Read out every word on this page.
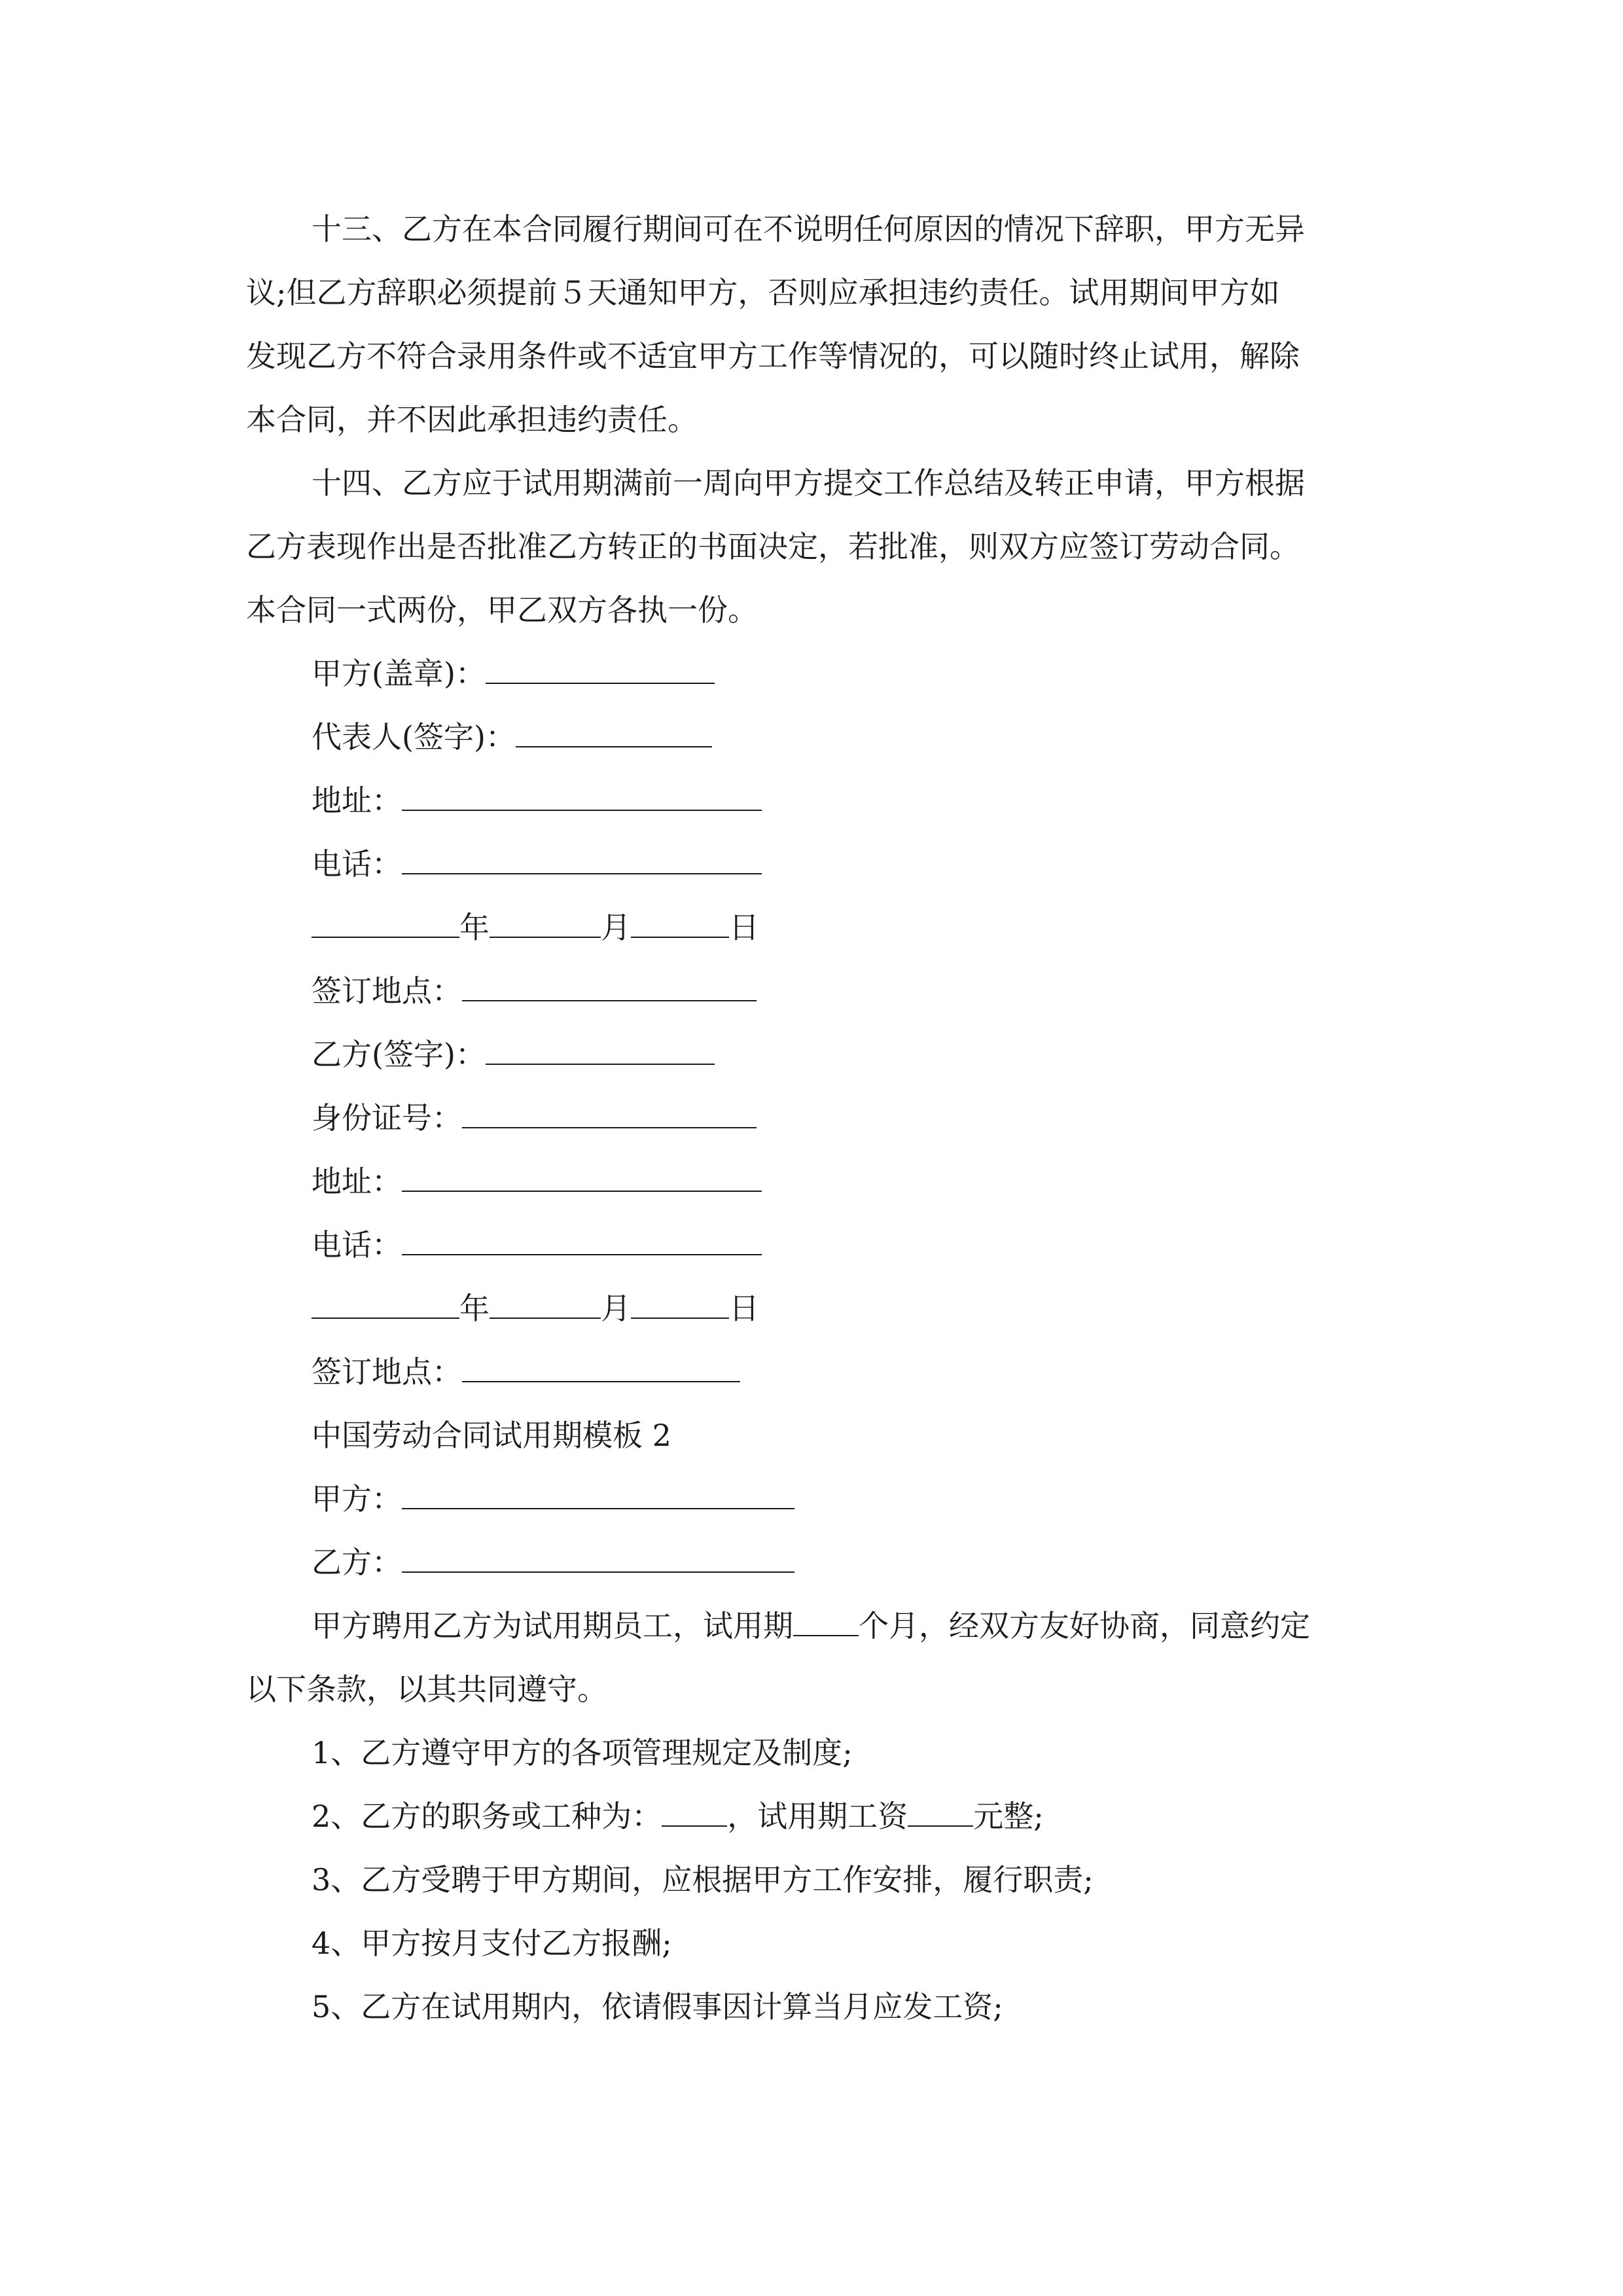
十三、乙方在本合同履行期间可在不说明任何原因的情况下辞职，甲方无异

议;但乙方辞职必须提前５天通知甲方，否则应承担违约责任。试用期间甲方如

发现乙方不符合录用条件或不适宜甲方工作等情况的，可以随时终止试用，解除

本合同，并不因此承担违约责任。

十四、乙方应于试用期满前一周向甲方提交工作总结及转正申请，甲方根据

乙方表现作出是否批准乙方转正的书面决定，若批准，则双方应签订劳动合同。

本合同一式两份，甲乙双方各执一份。

甲方(盖章)：
代表人(签字)：
地址：
电话：
年	月	日
签订地点：
乙方(签字)：
身份证号：
地址：
电话：
年	月	日
签订地点：
中国劳动合同试用期模板 2
甲方：
乙方：

甲方聘用乙方为试用期员工，试用期 个月，经双方友好协商，同意约定

以下条款，以其共同遵守。

1、乙方遵守甲方的各项管理规定及制度;
2、乙方的职务或工种为： ，试用期工资 元整;
3、乙方受聘于甲方期间，应根据甲方工作安排，履行职责;
4、甲方按月支付乙方报酬;
5、乙方在试用期内，依请假事因计算当月应发工资;
